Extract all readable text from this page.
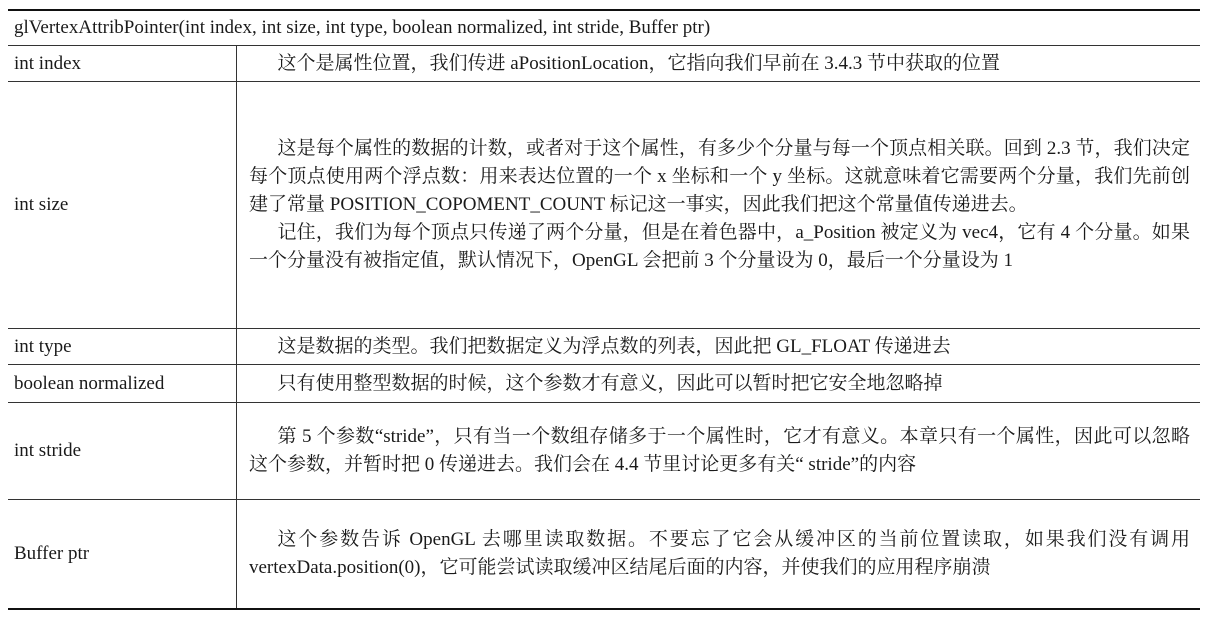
glVertexAttribPointer(int index, int size, int type, boolean normalized, int stride, Buffer ptr)	
int index	这个是属性位置，我们传进 aPositionLocation，它指向我们早前在 3.4.3 节中获取的位置

int size	这是每个属性的数据的计数，或者对于这个属性，有多少个分量与每一个顶点相关联。回到 2.3 节，我们决定每个顶点使用两个浮点数：用来表达位置的一个 x 坐标和一个 y 坐标。这就意味着它需要两个分量，我们先前创建了常量 POSITION_COPOMENT_COUNT 标记这一事实，因此我们把这个常量值传递进去。

记住，我们为每个顶点只传递了两个分量，但是在着色器中，a_Position 被定义为 vec4，它有 4 个分量。如果一个分量没有被指定值，默认情况下，OpenGL 会把前 3 个分量设为 0，最后一个分量设为 1

int type	这是数据的类型。我们把数据定义为浮点数的列表，因此把 GL_FLOAT 传递进去

boolean normalized	只有使用整型数据的时候，这个参数才有意义，因此可以暂时把它安全地忽略掉

int stride	第 5 个参数“stride”，只有当一个数组存储多于一个属性时，它才有意义。本章只有一个属性，因此可以忽略这个参数，并暂时把 0 传递进去。我们会在 4.4 节里讨论更多有关“ stride”的内容

Buffer ptr	这个参数告诉 OpenGL 去哪里读取数据。不要忘了它会从缓冲区的当前位置读取，如果我们没有调用 vertexData.position(0)，它可能尝试读取缓冲区结尾后面的内容，并使我们的应用程序崩溃
